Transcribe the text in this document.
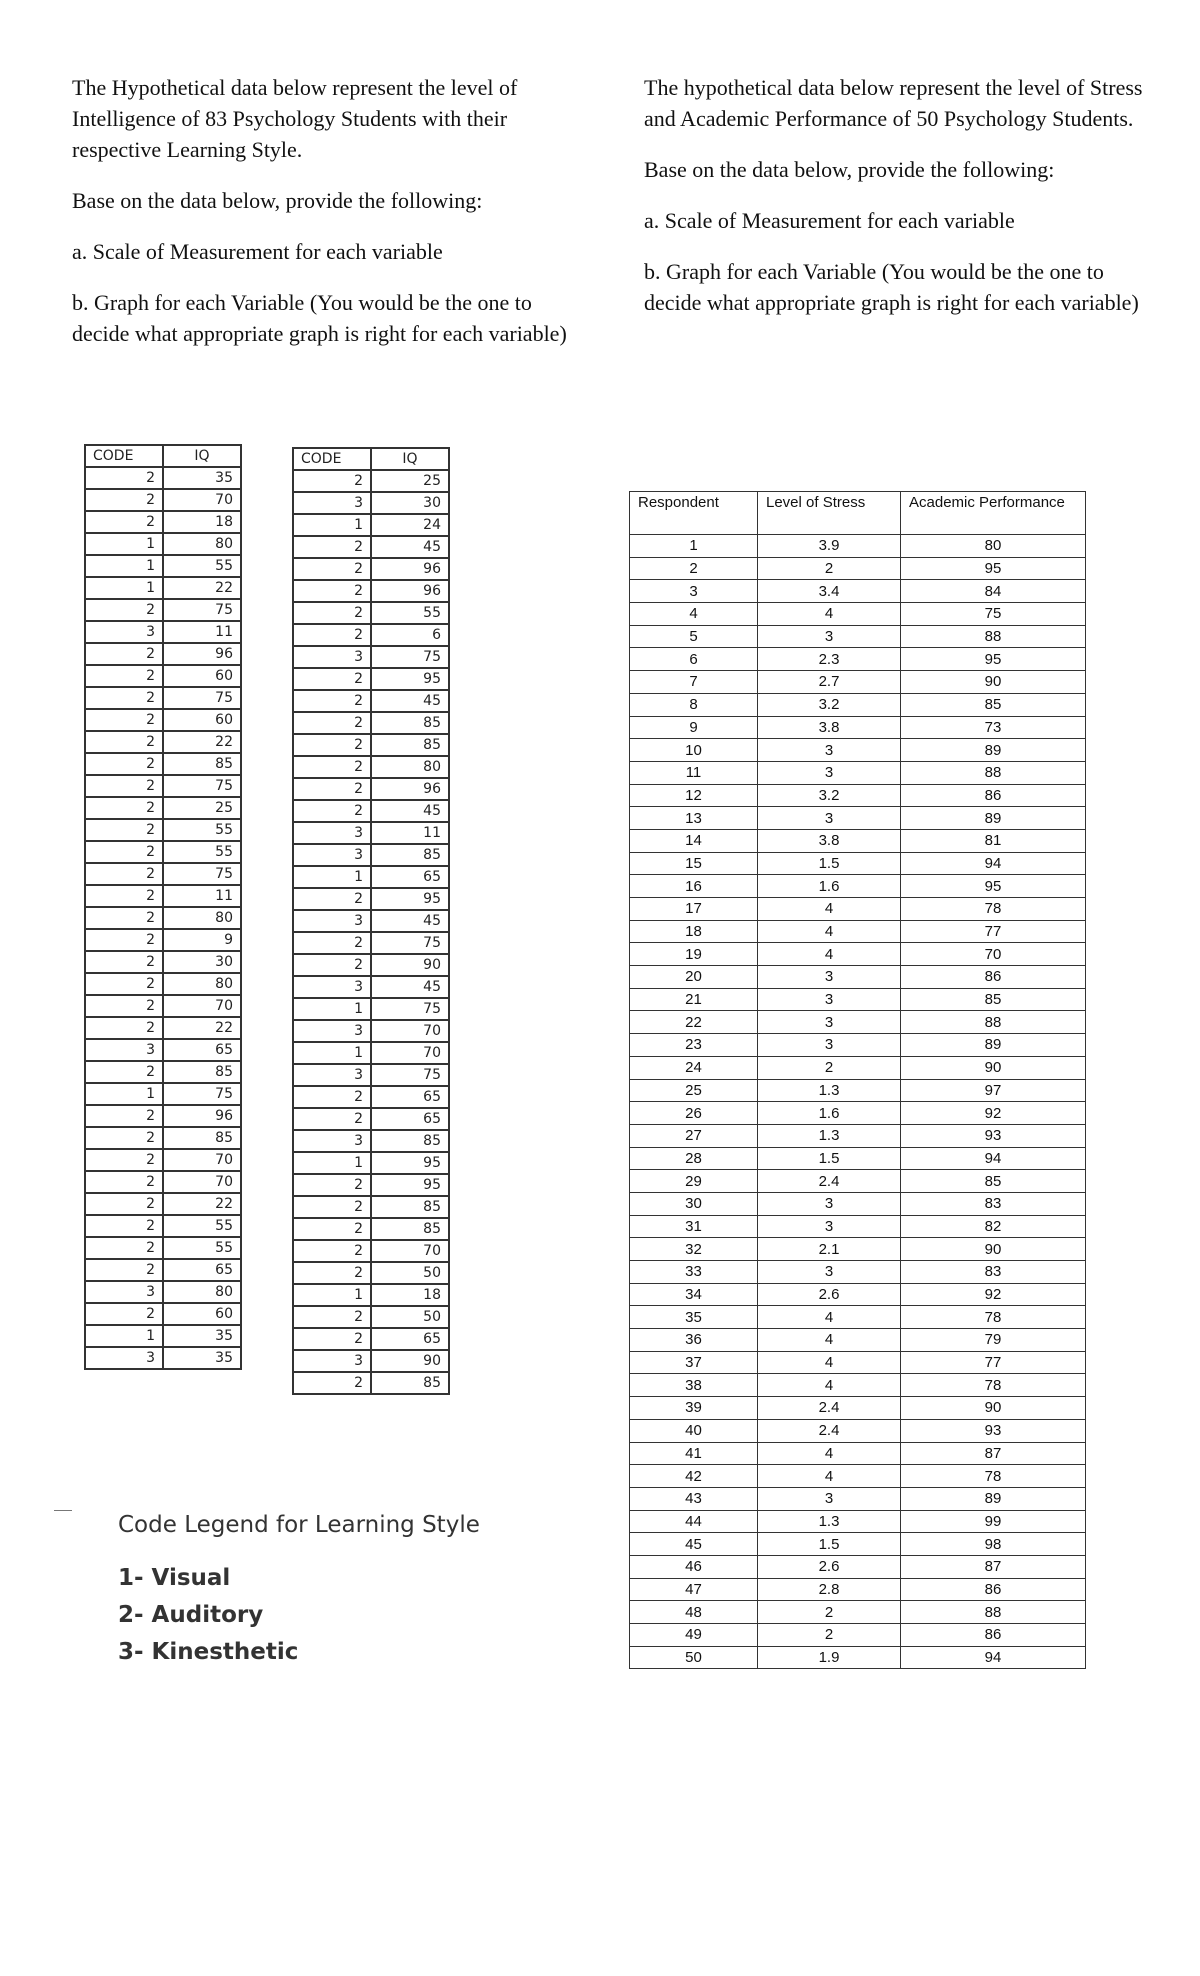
The Hypothetical data below represent the level of Intelligence of 83 Psychology Students with their respective Learning Style.

Base on the data below, provide the following:

a. Scale of Measurement for each variable

b. Graph for each Variable (You would be the one to decide what appropriate graph is right for each variable)

The hypothetical data below represent the level of Stress and Academic Performance of 50 Psychology Students.

Base on the data below, provide the following:

a. Scale of Measurement for each variable

b. Graph for each Variable (You would be the one to decide what appropriate graph is right for each variable)

CODE	IQ
2	35
2	70
2	18
1	80
1	55
1	22
2	75
3	11
2	96
2	60
2	75
2	60
2	22
2	85
2	75
2	25
2	55
2	55
2	75
2	11
2	80
2	9
2	30
2	80
2	70
2	22
3	65
2	85
1	75
2	96
2	85
2	70
2	70
2	22
2	55
2	55
2	65
3	80
2	60
1	35
3	35
CODE	IQ
2	25
3	30
1	24
2	45
2	96
2	96
2	55
2	6
3	75
2	95
2	45
2	85
2	85
2	80
2	96
2	45
3	11
3	85
1	65
2	95
3	45
2	75
2	90
3	45
1	75
3	70
1	70
3	75
2	65
2	65
3	85
1	95
2	95
2	85
2	85
2	70
2	50
1	18
2	50
2	65
3	90
2	85
Code Legend for Learning Style
1- Visual
2- Auditory
3- Kinesthetic
Respondent	Level of Stress	Academic Performance
1	3.9	80
2	2	95
3	3.4	84
4	4	75
5	3	88
6	2.3	95
7	2.7	90
8	3.2	85
9	3.8	73
10	3	89
11	3	88
12	3.2	86
13	3	89
14	3.8	81
15	1.5	94
16	1.6	95
17	4	78
18	4	77
19	4	70
20	3	86
21	3	85
22	3	88
23	3	89
24	2	90
25	1.3	97
26	1.6	92
27	1.3	93
28	1.5	94
29	2.4	85
30	3	83
31	3	82
32	2.1	90
33	3	83
34	2.6	92
35	4	78
36	4	79
37	4	77
38	4	78
39	2.4	90
40	2.4	93
41	4	87
42	4	78
43	3	89
44	1.3	99
45	1.5	98
46	2.6	87
47	2.8	86
48	2	88
49	2	86
50	1.9	94
